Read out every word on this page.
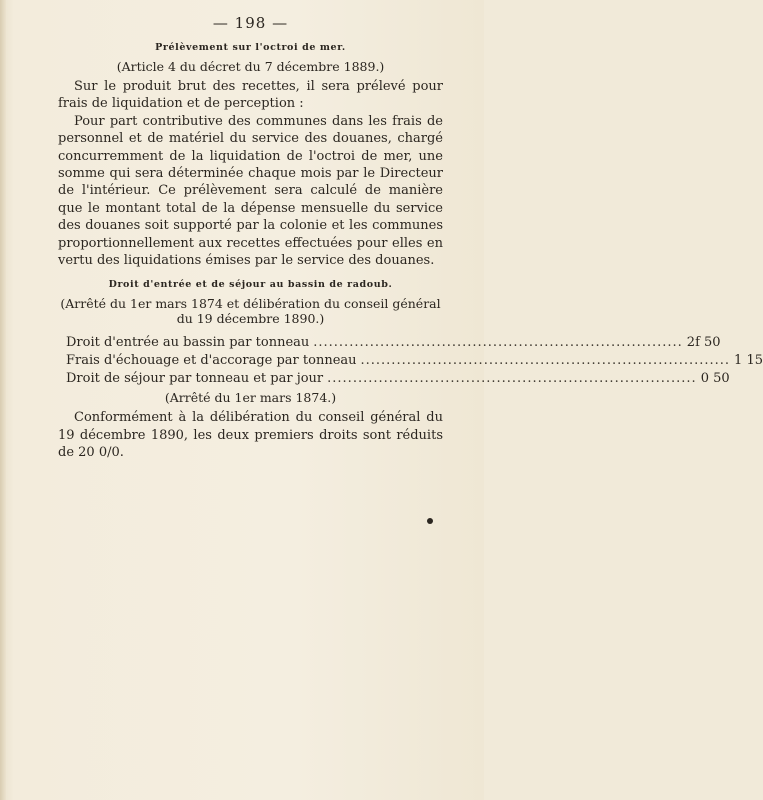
— 198 —
Prélèvement sur l'octroi de mer.
(Article 4 du décret du 7 décembre 1889.)

Sur le produit brut des recettes, il sera prélevé pour frais de liquidation et de perception :

Pour part contributive des communes dans les frais de personnel et de matériel du service des douanes, chargé concurremment de la liquidation de l'octroi de mer, une somme qui sera déterminée chaque mois par le Directeur de l'intérieur. Ce prélèvement sera calculé de manière que le montant total de la dépense mensuelle du service des douanes soit supporté par la colonie et les communes proportionnellement aux recettes effectuées pour elles en vertu des liquidations émises par le service des douanes.

Droit d'entrée et de séjour au bassin de radoub.
(Arrêté du 1er mars 1874 et délibération du conseil général
du 19 décembre 1890.)
Droit d'entrée au bassin par tonneau ........................................................................ 2f 50
Frais d'échouage et d'accorage par tonneau ........................................................................ 1 15
Droit de séjour par tonneau et par jour ........................................................................ 0 50
(Arrêté du 1er mars 1874.)

Conformément à la délibération du conseil général du 19 décembre 1890, les deux premiers droits sont réduits de 20 0/0.
